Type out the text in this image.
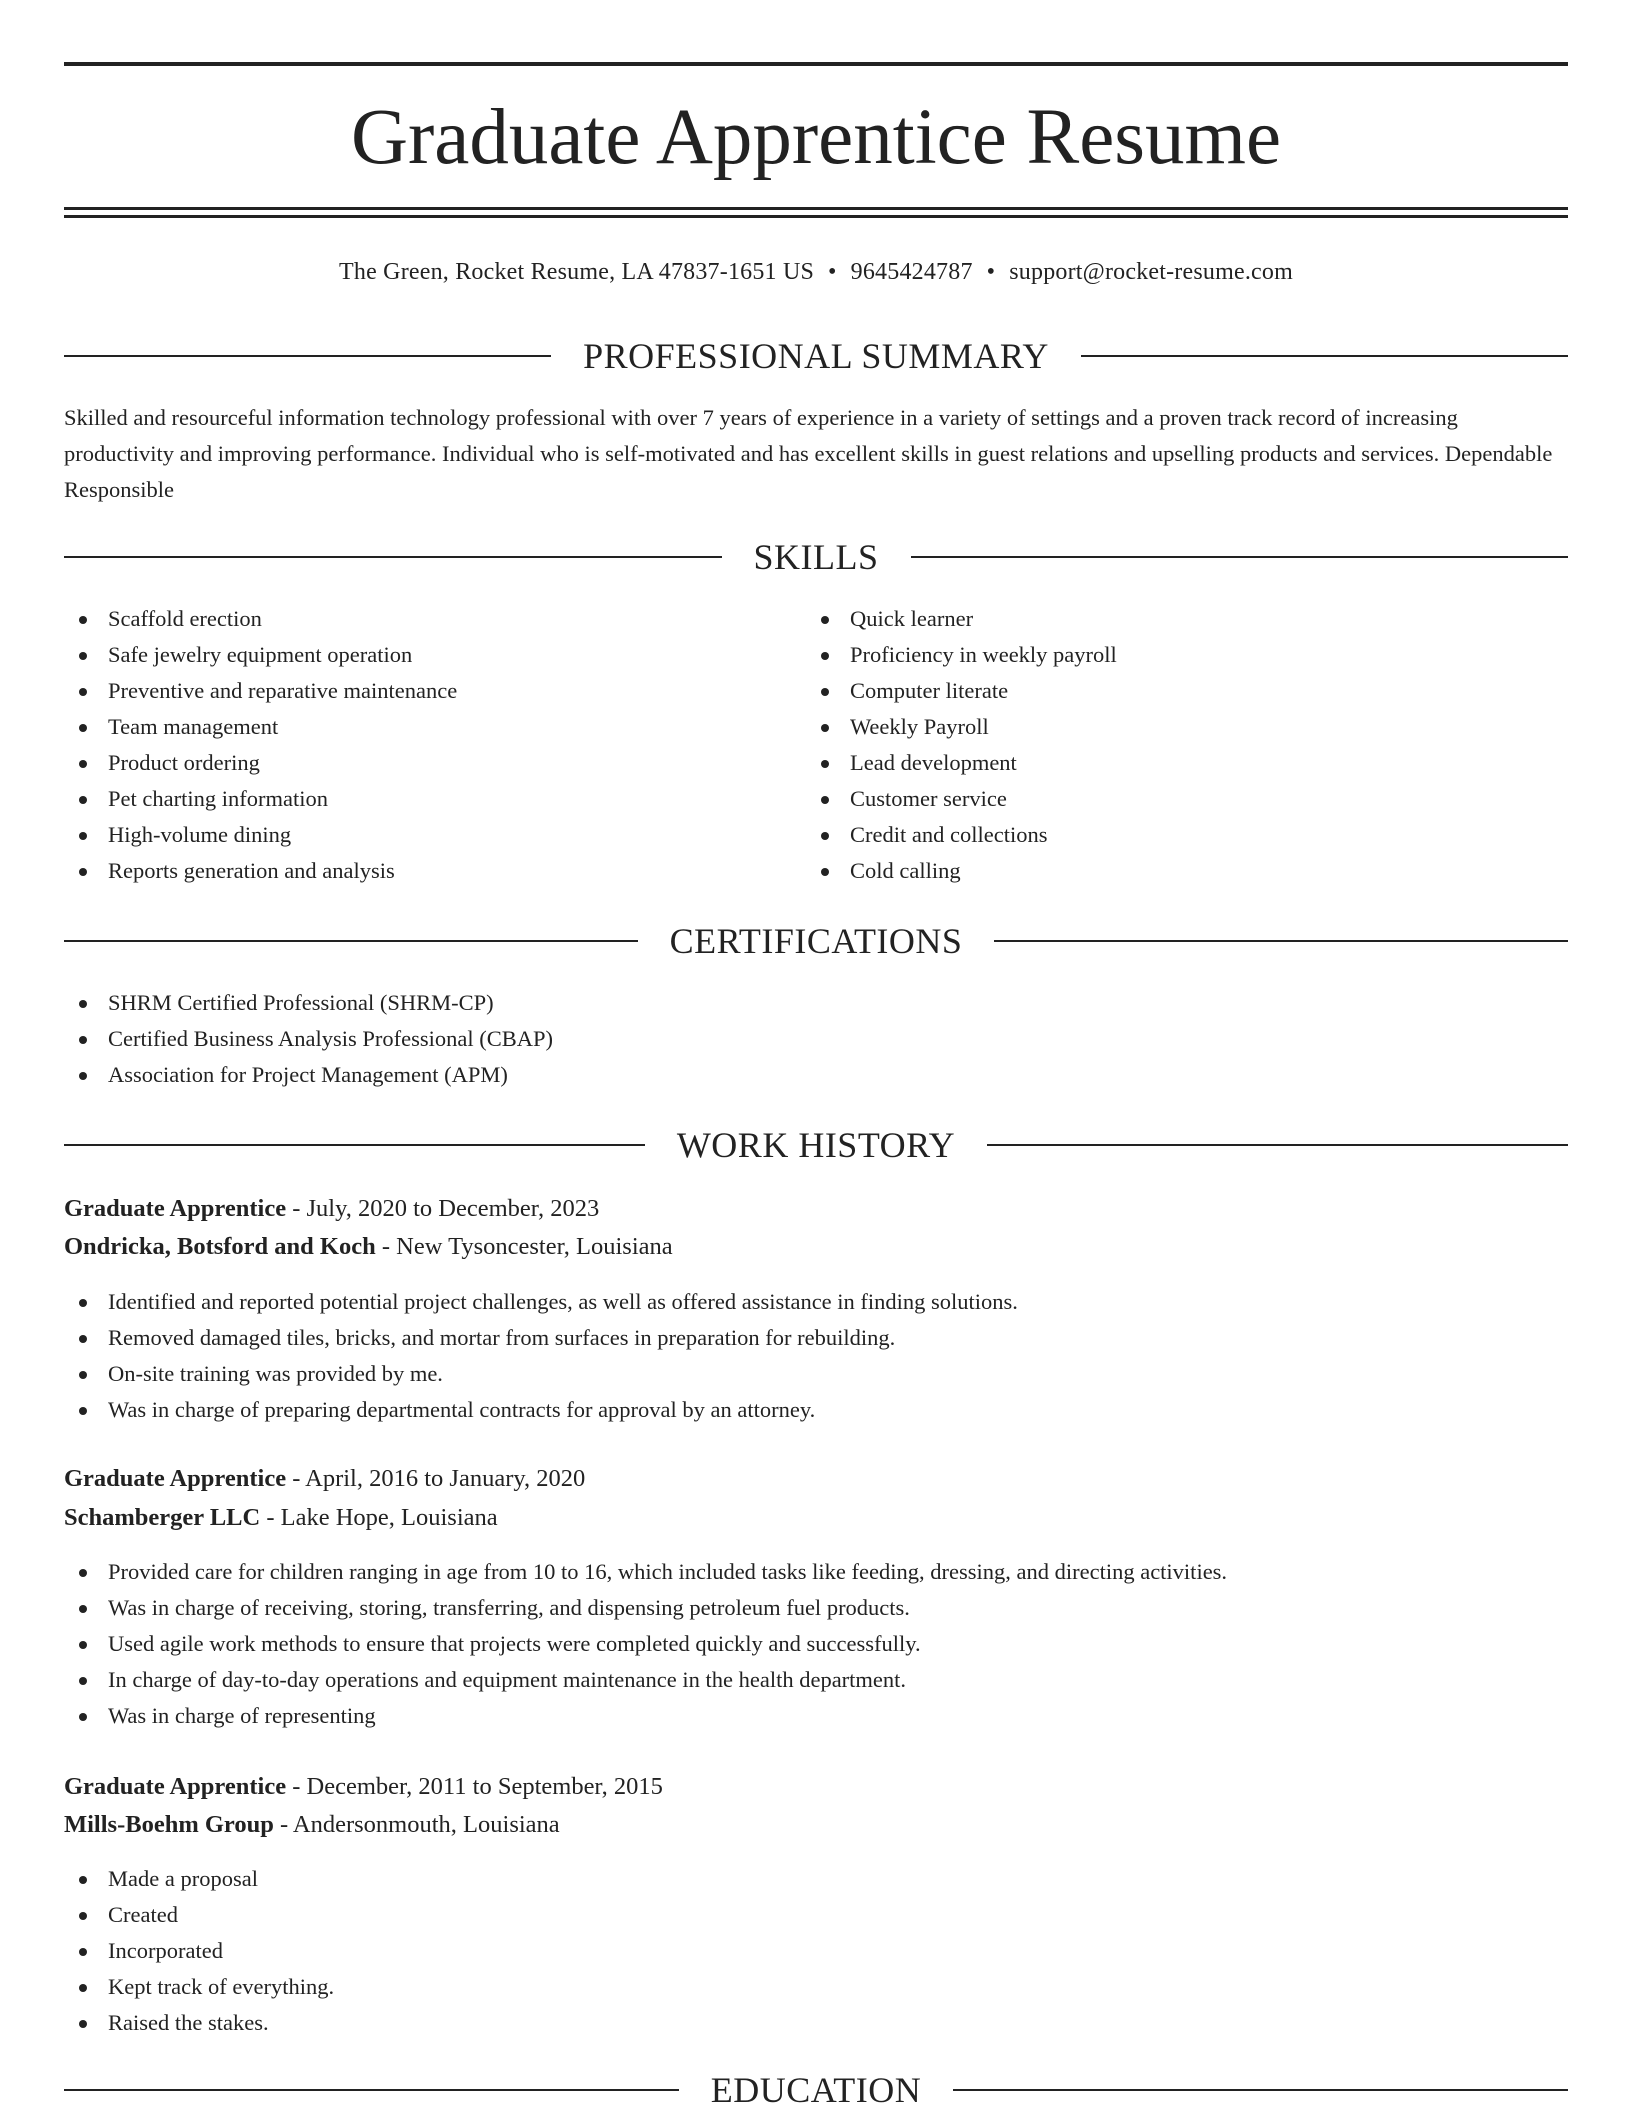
Graduate Apprentice Resume
The Green, Rocket Resume, LA 47837-1651 US • 9645424787 • support@rocket-resume.com
PROFESSIONAL SUMMARY

Skilled and resourceful information technology professional with over 7 years of experience in a variety of settings and a proven track record of increasing productivity and improving performance. Individual who is self-motivated and has excellent skills in guest relations and upselling products and services. Dependable Responsible

SKILLS
Scaffold erection
Safe jewelry equipment operation
Preventive and reparative maintenance
Team management
Product ordering
Pet charting information
High-volume dining
Reports generation and analysis
Quick learner
Proficiency in weekly payroll
Computer literate
Weekly Payroll
Lead development
Customer service
Credit and collections
Cold calling
CERTIFICATIONS
SHRM Certified Professional (SHRM-CP)
Certified Business Analysis Professional (CBAP)
Association for Project Management (APM)
WORK HISTORY
Graduate Apprentice - July, 2020 to December, 2023
Ondricka, Botsford and Koch - New Tysoncester, Louisiana
Identified and reported potential project challenges, as well as offered assistance in finding solutions.
Removed damaged tiles, bricks, and mortar from surfaces in preparation for rebuilding.
On-site training was provided by me.
Was in charge of preparing departmental contracts for approval by an attorney.
Graduate Apprentice - April, 2016 to January, 2020
Schamberger LLC - Lake Hope, Louisiana
Provided care for children ranging in age from 10 to 16, which included tasks like feeding, dressing, and directing activities.
Was in charge of receiving, storing, transferring, and dispensing petroleum fuel products.
Used agile work methods to ensure that projects were completed quickly and successfully.
In charge of day-to-day operations and equipment maintenance in the health department.
Was in charge of representing
Graduate Apprentice - December, 2011 to September, 2015
Mills-Boehm Group - Andersonmouth, Louisiana
Made a proposal
Created
Incorporated
Kept track of everything.
Raised the stakes.
EDUCATION
